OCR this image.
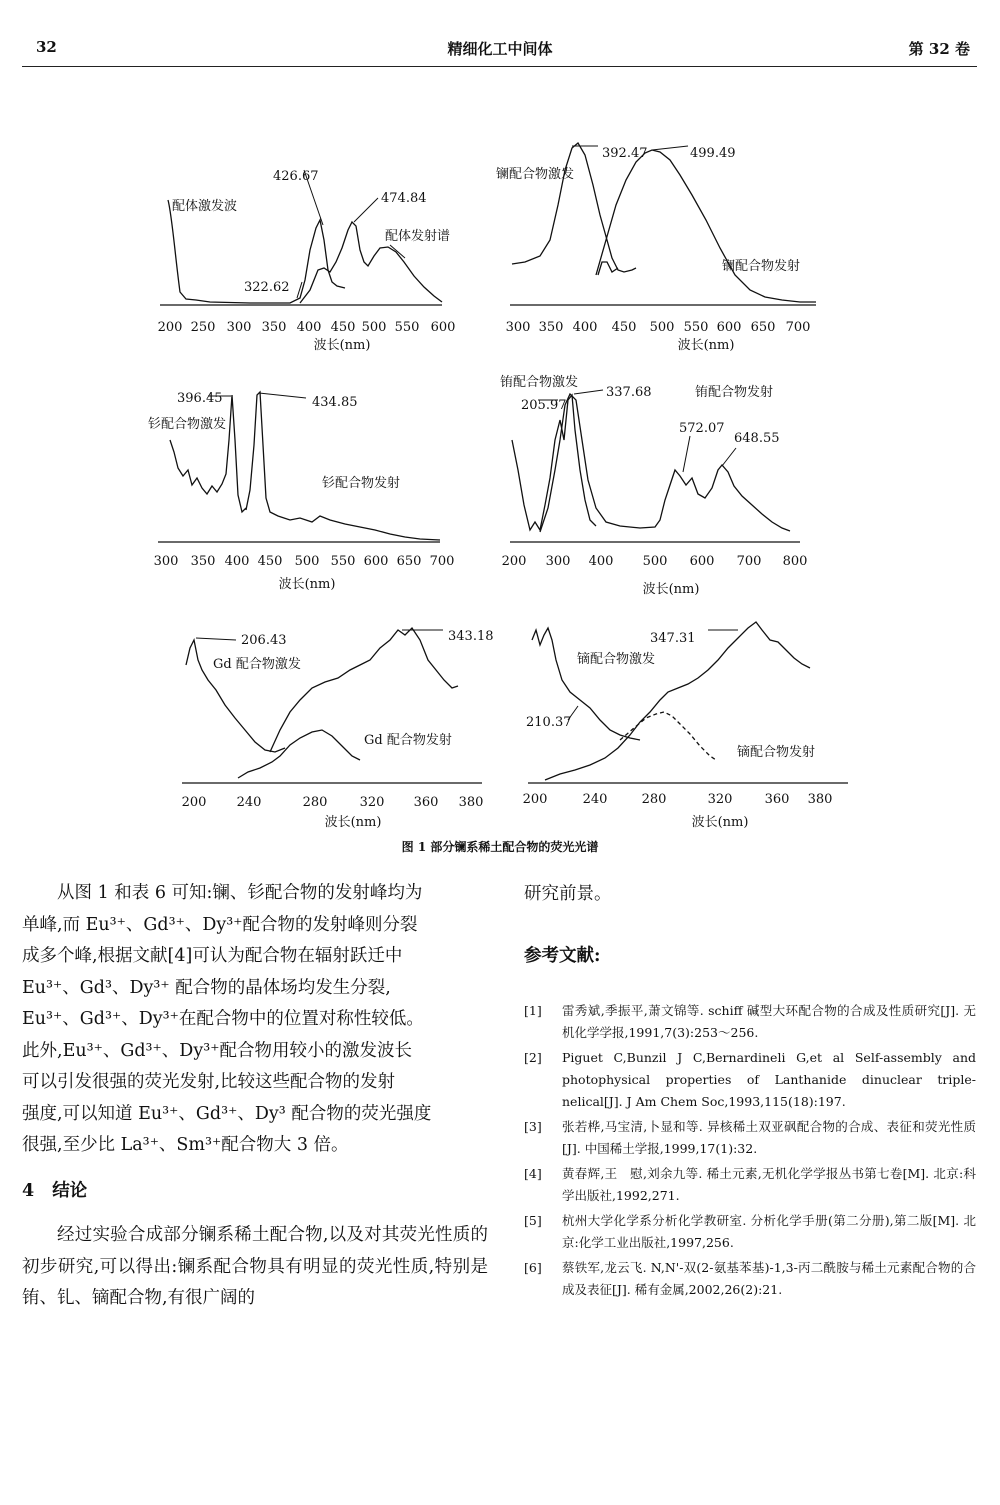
32	精细化工中间体	第 32 卷
配体激发波
426.67
474.84
配体发射谱
322.62
200 250 300 350 400 450 500 550 600
波长(nm)
镧配合物激发
392.47	499.49
镧配合物发射
300 350 400 450 500 550 600 650 700
波长(nm)
396.45
钐配合物激发
434.85
钐配合物发射
300 350 400 450 500 550 600 650 700
波长(nm)
铕配合物激发
205.97
337.68	铕配合物发射
572.07
648.55
200 300 400 500 600 700 800
波长(nm)
206.43
Gd 配合物激发
343.18
Gd 配合物发射
200 240	280 320 360 380
波长(nm)
347.31
镝配合物激发
210.37
镝配合物发射
200	240	280	320 360 380
波长(nm)
图 1 部分镧系稀土配合物的荧光光谱
从图 1 和表 6 可知:镧、钐配合物的发射峰均为
单峰,而 Eu³⁺、Gd³⁺、Dy³⁺配合物的发射峰则分裂
成多个峰,根据文献[4]可认为配合物在辐射跃迁中
Eu³⁺、Gd³、Dy³⁺ 配合物的晶体场均发生分裂,
Eu³⁺、Gd³⁺、Dy³⁺在配合物中的位置对称性较低。
此外,Eu³⁺、Gd³⁺、Dy³⁺配合物用较小的激发波长
可以引发很强的荧光发射,比较这些配合物的发射
强度,可以知道 Eu³⁺、Gd³⁺、Dy³ 配合物的荧光强度
很强,至少比 La³⁺、Sm³⁺配合物大 3 倍。
4 结论

经过实验合成部分镧系稀土配合物,以及对其荧光性质的初步研究,可以得出:镧系配合物具有明显的荧光性质,特别是铕、钆、镝配合物,有很广阔的

研究前景。
参考文献:
[1]	雷秀斌,季振平,萧文锦等. schiff 碱型大环配合物的合成及性质研究[J]. 无机化学学报,1991,7(3):253～256.
[2]	Piguet C,Bunzil J C,Bernardineli G,et al Self-assembly and photophysical properties of Lanthanide dinuclear triple-nelical[J]. J Am Chem Soc,1993,115(18):197.
[3]	张若桦,马宝清,卜显和等. 异核稀土双亚砜配合物的合成、表征和荧光性质[J]. 中国稀土学报,1999,17(1):32.
[4]	黄春辉,王　慰,刘余九等. 稀土元素,无机化学学报丛书第七卷[M]. 北京:科学出版社,1992,271.
[5]	杭州大学化学系分析化学教研室. 分析化学手册(第二分册),第二版[M]. 北京:化学工业出版社,1997,256.
[6]	蔡铁军,龙云飞. N,N'-双(2-氨基苯基)-1,3-丙二酰胺与稀土元素配合物的合成及表征[J]. 稀有金属,2002,26(2):21.
